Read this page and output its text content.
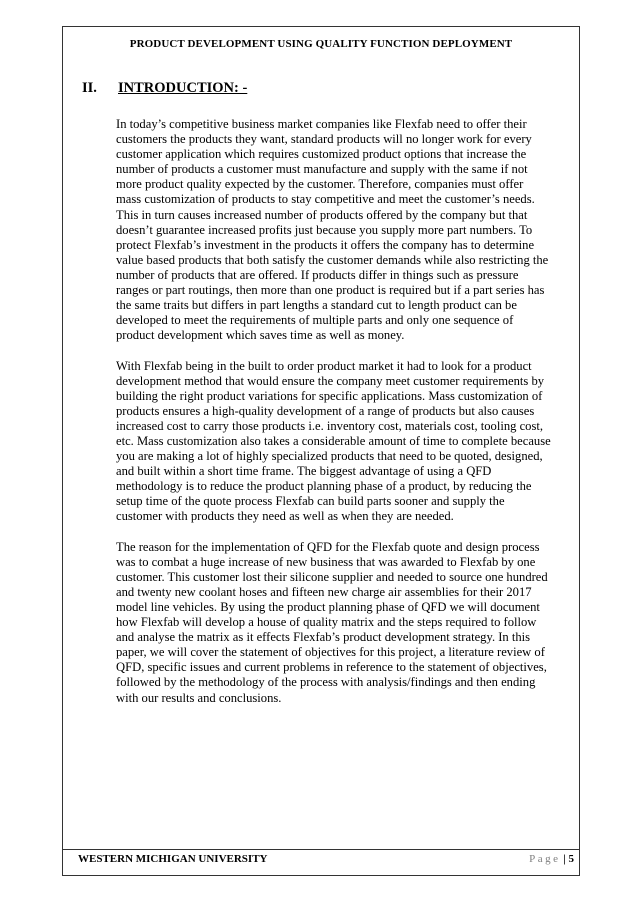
PRODUCT DEVELOPMENT USING QUALITY FUNCTION DEPLOYMENT
II. INTRODUCTION: -
In today’s competitive business market companies like Flexfab need to offer their
customers the products they want, standard products will no longer work for every
customer application which requires customized product options that increase the
number of products a customer must manufacture and supply with the same if not
more product quality expected by the customer. Therefore, companies must offer
mass customization of products to stay competitive and meet the customer’s needs.
This in turn causes increased number of products offered by the company but that
doesn’t guarantee increased profits just because you supply more part numbers. To
protect Flexfab’s investment in the products it offers the company has to determine
value based products that both satisfy the customer demands while also restricting the
number of products that are offered. If products differ in things such as pressure
ranges or part routings, then more than one product is required but if a part series has
the same traits but differs in part lengths a standard cut to length product can be
developed to meet the requirements of multiple parts and only one sequence of
product development which saves time as well as money.
With Flexfab being in the built to order product market it had to look for a product
development method that would ensure the company meet customer requirements by
building the right product variations for specific applications. Mass customization of
products ensures a high-quality development of a range of products but also causes
increased cost to carry those products i.e. inventory cost, materials cost, tooling cost,
etc. Mass customization also takes a considerable amount of time to complete because
you are making a lot of highly specialized products that need to be quoted, designed,
and built within a short time frame. The biggest advantage of using a QFD
methodology is to reduce the product planning phase of a product, by reducing the
setup time of the quote process Flexfab can build parts sooner and supply the
customer with products they need as well as when they are needed.
The reason for the implementation of QFD for the Flexfab quote and design process
was to combat a huge increase of new business that was awarded to Flexfab by one
customer. This customer lost their silicone supplier and needed to source one hundred
and twenty new coolant hoses and fifteen new charge air assemblies for their 2017
model line vehicles. By using the product planning phase of QFD we will document
how Flexfab will develop a house of quality matrix and the steps required to follow
and analyse the matrix as it effects Flexfab’s product development strategy. In this
paper, we will cover the statement of objectives for this project, a literature review of
QFD, specific issues and current problems in reference to the statement of objectives,
followed by the methodology of the process with analysis/findings and then ending
with our results and conclusions.
WESTERN MICHIGAN UNIVERSITY	Page | 5
